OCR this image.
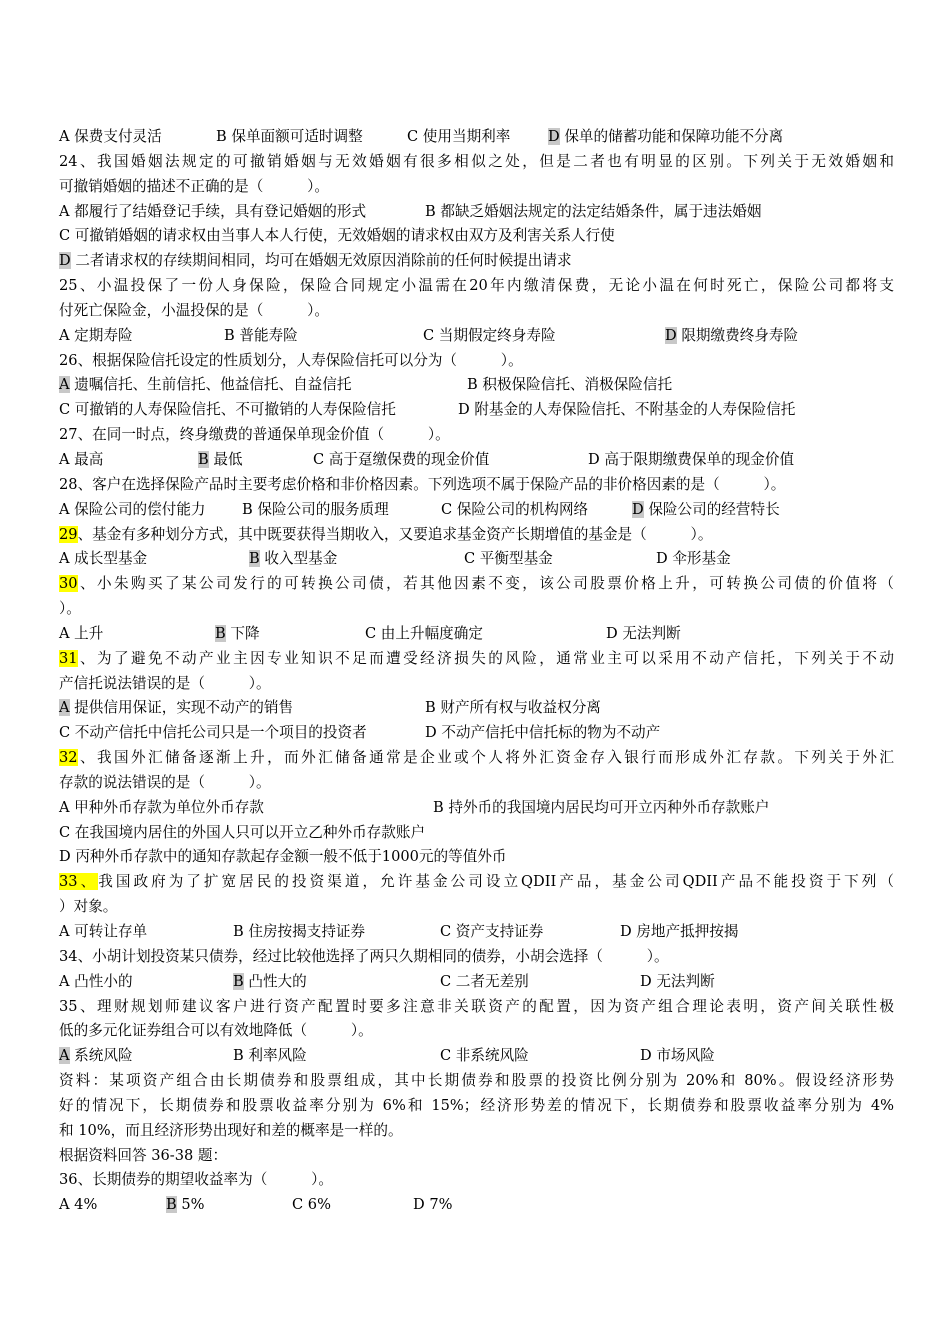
A 保费支付灵活	B 保单面额可适时调整	C 使用当期利率	D 保单的储蓄功能和保障功能不分离
24、我国婚姻法规定的可撤销婚姻与无效婚姻有很多相似之处，但是二者也有明显的区别。下列关于无效婚姻和
可撤销婚姻的描述不正确的是（　　　）。
A 都履行了结婚登记手续，具有登记婚姻的形式	B 都缺乏婚姻法规定的法定结婚条件，属于违法婚姻
C 可撤销婚姻的请求权由当事人本人行使，无效婚姻的请求权由双方及利害关系人行使
D 二者请求权的存续期间相同，均可在婚姻无效原因消除前的任何时候提出请求
25、小温投保了一份人身保险，保险合同规定小温需在20年内缴清保费，无论小温在何时死亡，保险公司都将支
付死亡保险金，小温投保的是（　　　）。
A 定期寿险	B 普能寿险	C 当期假定终身寿险	D 限期缴费终身寿险
26、根据保险信托设定的性质划分，人寿保险信托可以分为（　　　）。
A 遗嘱信托、生前信托、他益信托、自益信托	B 积极保险信托、消极保险信托
C 可撤销的人寿保险信托、不可撤销的人寿保险信托	D 附基金的人寿保险信托、不附基金的人寿保险信托
27、在同一时点，终身缴费的普通保单现金价值（　　　）。
A 最高	B 最低	C 高于趸缴保费的现金价值	D 高于限期缴费保单的现金价值
28、客户在选择保险产品时主要考虑价格和非价格因素。下列选项不属于保险产品的非价格因素的是（　　　）。
A 保险公司的偿付能力 B 保险公司的服务质理	C 保险公司的机构网络	D 保险公司的经营特长
29、基金有多种划分方式，其中既要获得当期收入，又要追求基金资产长期增值的基金是（　　　）。
A 成长型基金	B 收入型基金	C 平衡型基金	D 伞形基金
30、小朱购买了某公司发行的可转换公司债，若其他因素不变，该公司股票价格上升，可转换公司债的价值将（
）。
A 上升	B 下降	C 由上升幅度确定	D 无法判断
31、为了避免不动产业主因专业知识不足而遭受经济损失的风险，通常业主可以采用不动产信托，下列关于不动
产信托说法错误的是（　　　）。
A 提供信用保证，实现不动产的销售	B 财产所有权与收益权分离
C 不动产信托中信托公司只是一个项目的投资者	D 不动产信托中信托标的物为不动产
32、我国外汇储备逐渐上升，而外汇储备通常是企业或个人将外汇资金存入银行而形成外汇存款。下列关于外汇
存款的说法错误的是（　　　）。
A 甲种外币存款为单位外币存款	B 持外币的我国境内居民均可开立丙种外币存款账户
C 在我国境内居住的外国人只可以开立乙种外币存款账户
D 丙种外币存款中的通知存款起存金额一般不低于1000元的等值外币
33、我国政府为了扩宽居民的投资渠道，允许基金公司设立QDII产品，基金公司QDII产品不能投资于下列（
）对象。
A 可转让存单	B 住房按揭支持证券	C 资产支持证券	D 房地产抵押按揭
34、小胡计划投资某只债券，经过比较他选择了两只久期相同的债券，小胡会选择（　　　）。
A 凸性小的	B 凸性大的	C 二者无差别	D 无法判断
35、理财规划师建议客户进行资产配置时要多注意非关联资产的配置，因为资产组合理论表明，资产间关联性极
低的多元化证券组合可以有效地降低（　　　）。
A 系统风险	B 利率风险	C 非系统风险	D 市场风险
资料：某项资产组合由长期债券和股票组成，其中长期债券和股票的投资比例分别为 20%和 80%。假设经济形势
好的情况下，长期债券和股票收益率分别为 6%和 15%；经济形势差的情况下，长期债券和股票收益率分别为 4%
和 10%，而且经济形势出现好和差的概率是一样的。
根据资料回答 36-38 题：
36、长期债券的期望收益率为（　　　）。
A 4%	B 5%	C 6%	D 7%
